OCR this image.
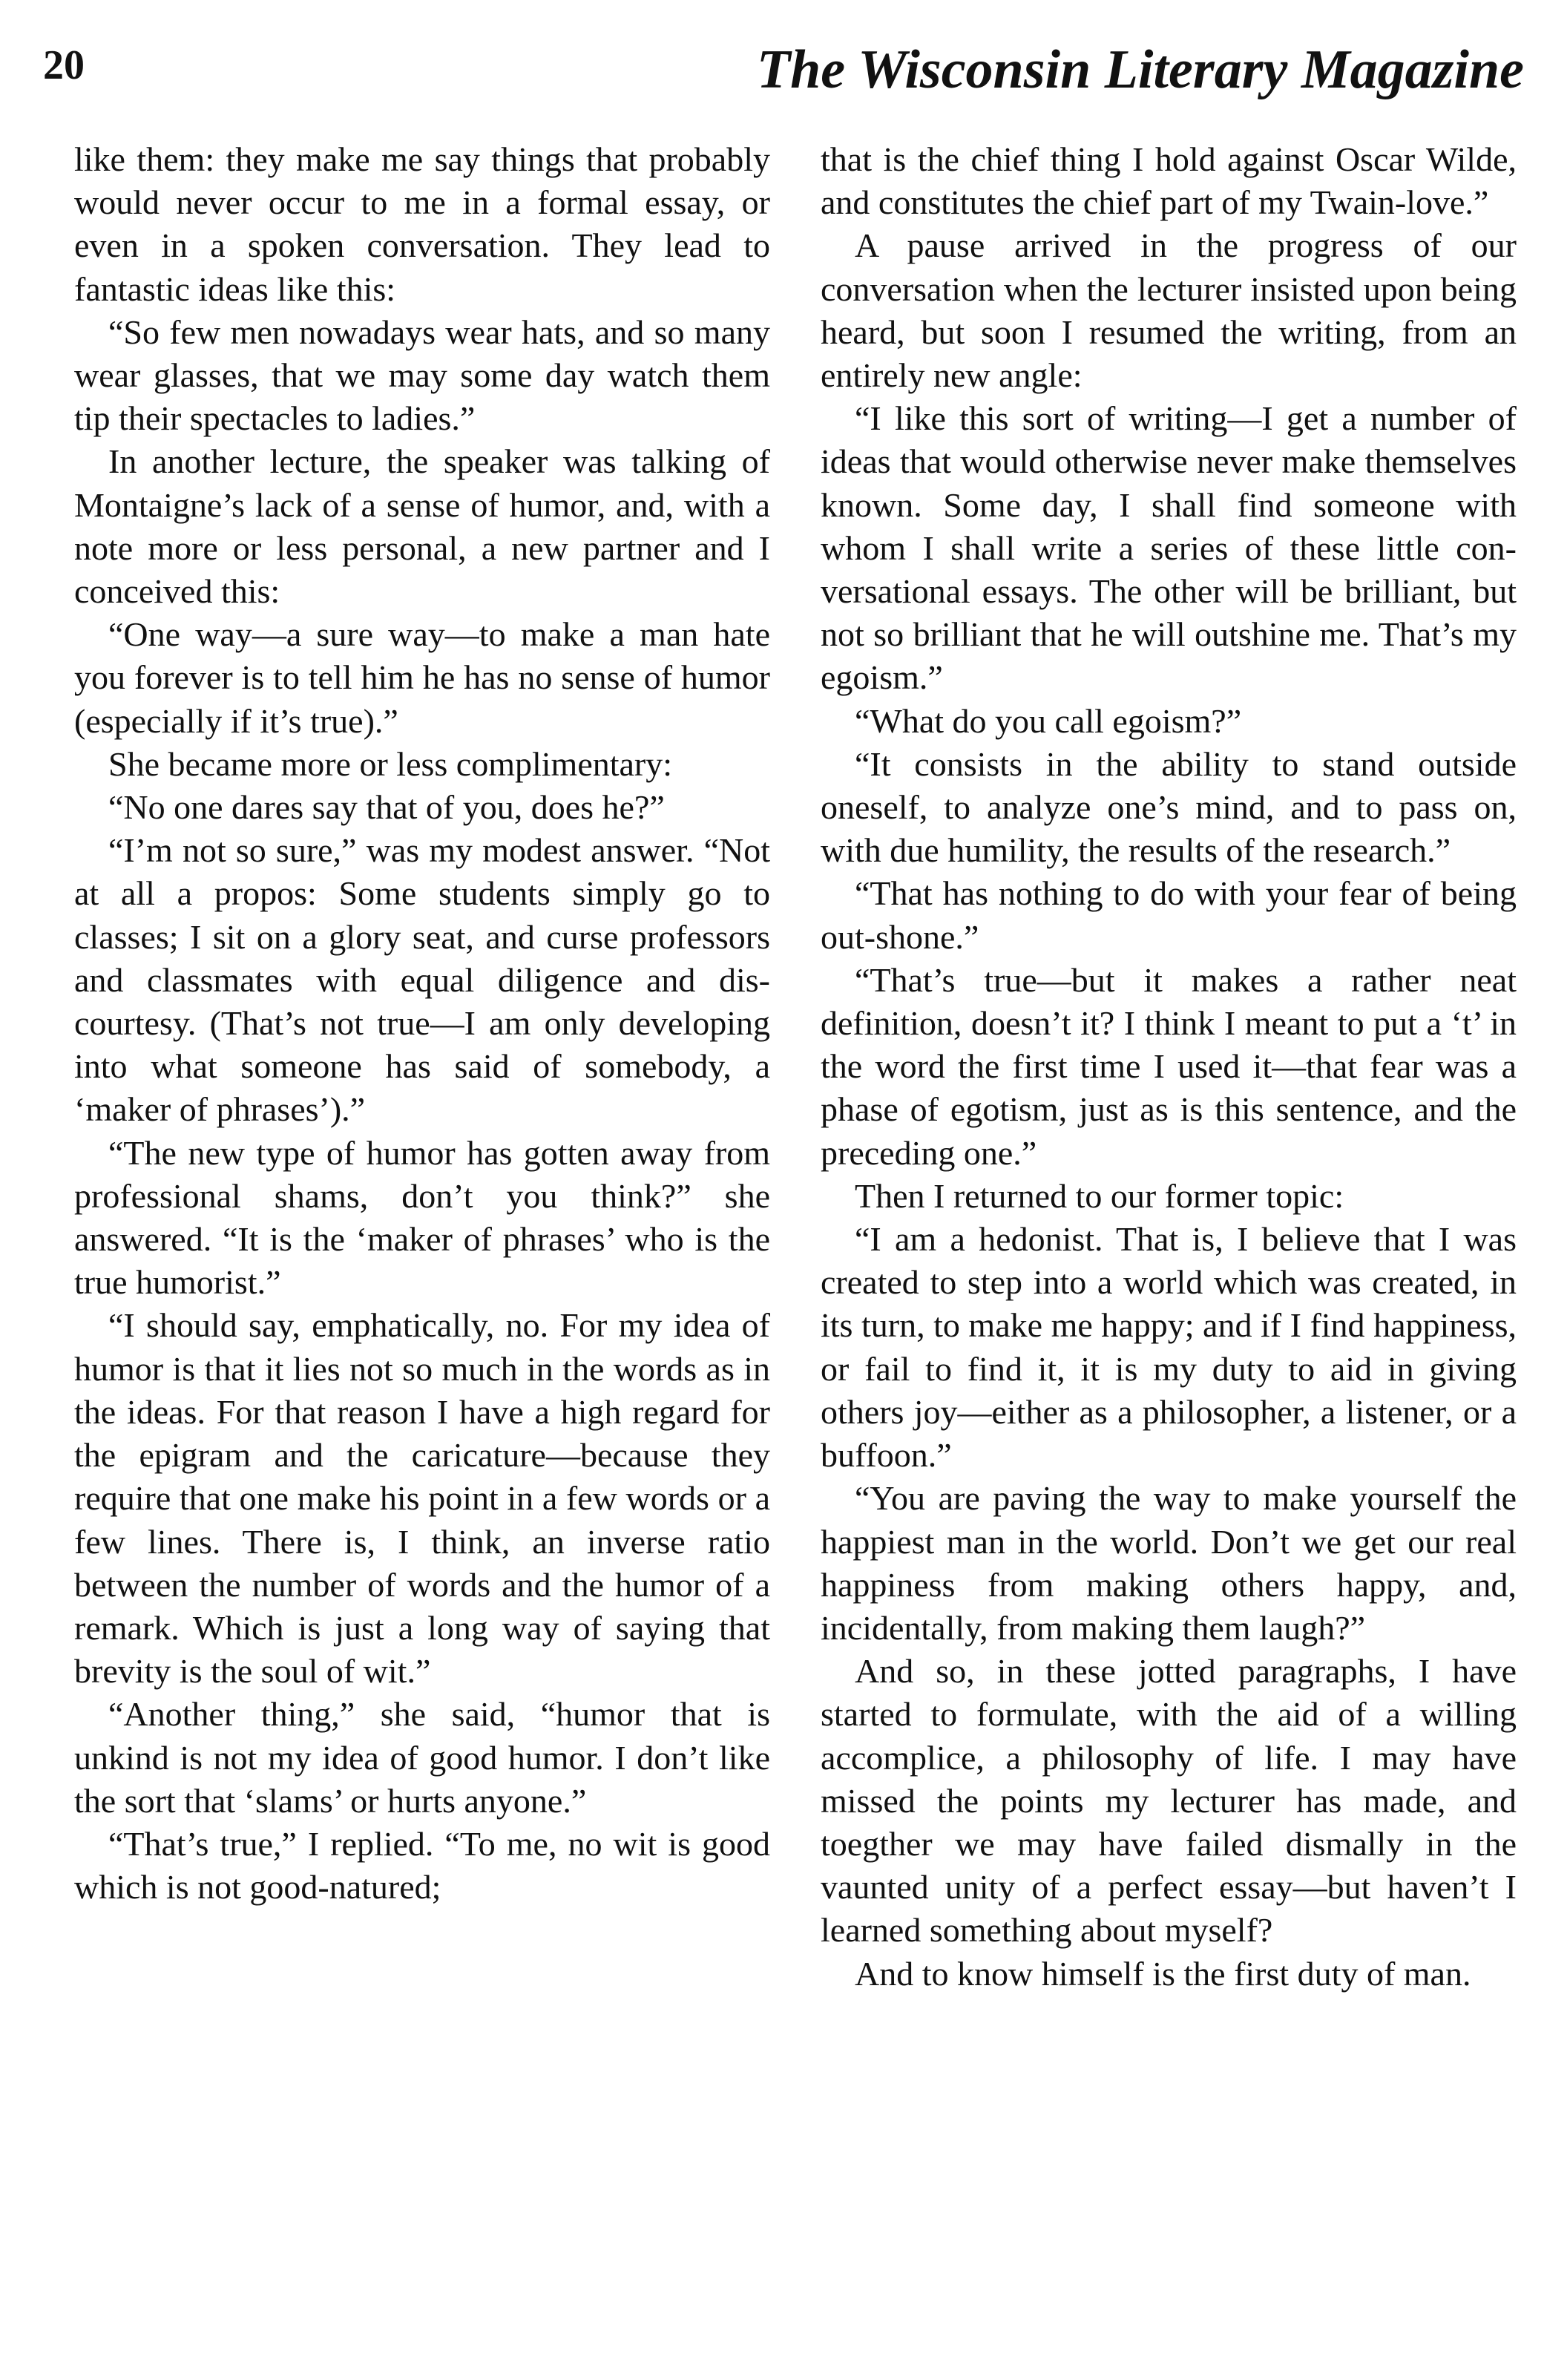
20	The Wisconsin Literary Magazine

like them: they make me say things that probably would never occur to me in a formal essay, or even in a spoken conversation. They lead to fantastic ideas like this:

“So few men nowadays wear hats, and so many wear glasses, that we may some day watch them tip their spectacles to ladies.”

In another lecture, the speaker was talking of Montaigne’s lack of a sense of humor, and, with a note more or less personal, a new partner and I conceived this:

“One way—a sure way—to make a man hate you forever is to tell him he has no sense of humor (especially if it’s true).”

She became more or less complimentary:

“No one dares say that of you, does he?”

“I’m not so sure,” was my modest answer. “Not at all a propos: Some students simply go to classes; I sit on a glory seat, and curse professors and classmates with equal diligence and discourtesy. (That’s not true—I am only developing into what someone has said of somebody, a ‘maker of phrases’).”

“The new type of humor has gotten away from professional shams, don’t you think?” she answered. “It is the ‘maker of phrases’ who is the true humorist.”

“I should say, emphatically, no. For my idea of humor is that it lies not so much in the words as in the ideas. For that reason I have a high regard for the epigram and the caricature—because they require that one make his point in a few words or a few lines. There is, I think, an inverse ratio between the number of words and the humor of a remark. Which is just a long way of saying that brevity is the soul of wit.”

“Another thing,” she said, “humor that is unkind is not my idea of good humor. I don’t like the sort that ‘slams’ or hurts anyone.”

“That’s true,” I replied. “To me, no wit is good which is not good-natured;

that is the chief thing I hold against Oscar Wilde, and constitutes the chief part of my Twain-love.”

A pause arrived in the progress of our conversation when the lecturer insisted upon being heard, but soon I resumed the writing, from an entirely new angle:

“I like this sort of writing—I get a number of ideas that would otherwise never make themselves known. Some day, I shall find someone with whom I shall write a series of these little conversational essays. The other will be brilliant, but not so brilliant that he will outshine me. That’s my egoism.”

“What do you call egoism?”

“It consists in the ability to stand outside oneself, to analyze one’s mind, and to pass on, with due humility, the results of the research.”

“That has nothing to do with your fear of being out-shone.”

“That’s true—but it makes a rather neat definition, doesn’t it? I think I meant to put a ‘t’ in the word the first time I used it—that fear was a phase of egotism, just as is this sentence, and the preceding one.”

Then I returned to our former topic:

“I am a hedonist. That is, I believe that I was created to step into a world which was created, in its turn, to make me happy; and if I find happiness, or fail to find it, it is my duty to aid in giving others joy—either as a philosopher, a listener, or a buffoon.”

“You are paving the way to make yourself the happiest man in the world. Don’t we get our real happiness from making others happy, and, incidentally, from making them laugh?”

And so, in these jotted paragraphs, I have started to formulate, with the aid of a willing accomplice, a philosophy of life. I may have missed the points my lecturer has made, and toegther we may have failed dismally in the vaunted unity of a perfect essay—but haven’t I learned something about myself?

And to know himself is the first duty of man.
